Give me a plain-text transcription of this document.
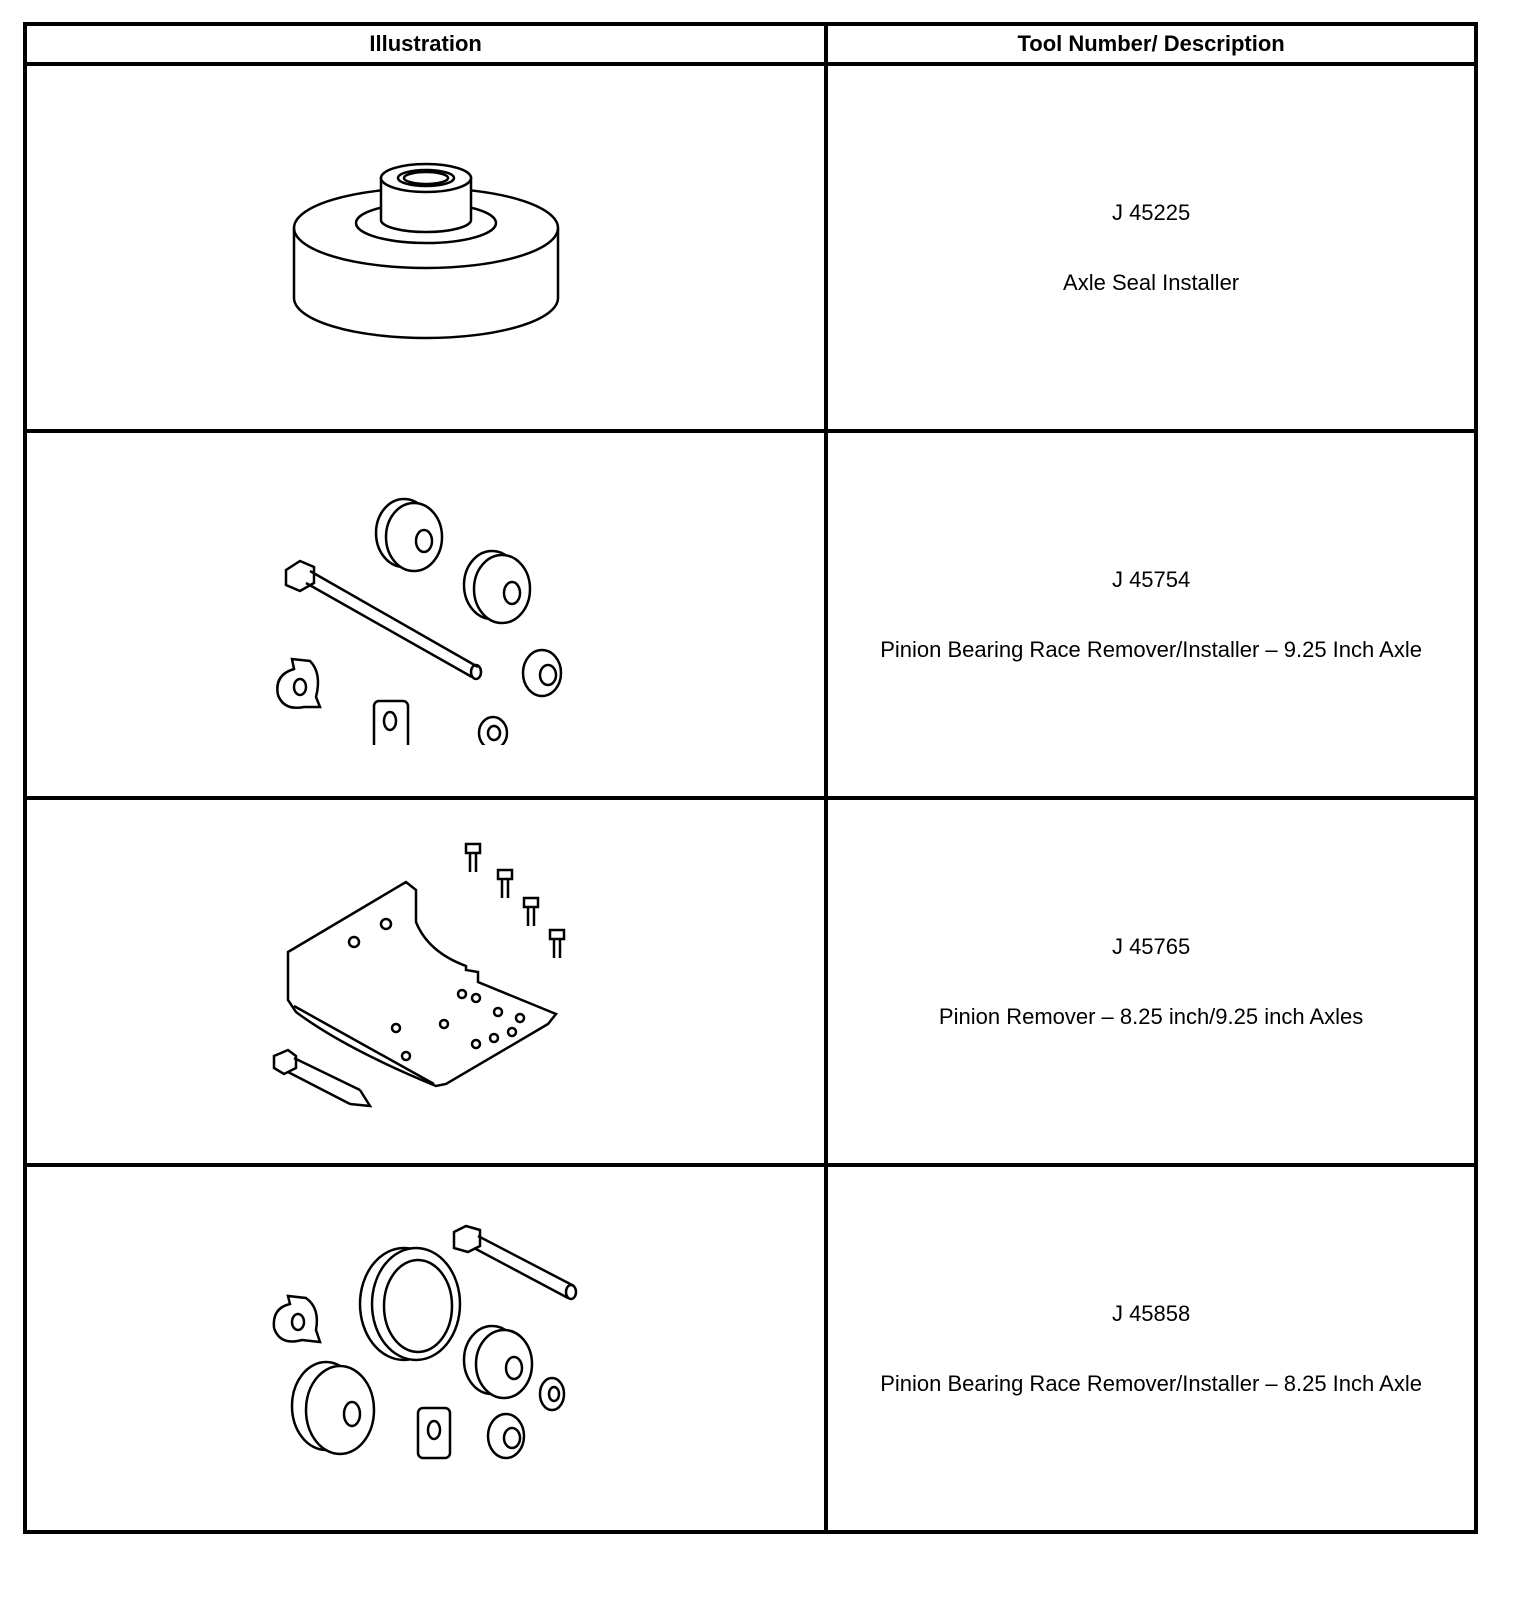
Illustration	Tool Number/ Description

J 45225
Axle Seal Installer

J 45754
Pinion Bearing Race Remover/Installer – 9.25 Inch Axle

J 45765
Pinion Remover – 8.25 inch/9.25 inch Axles

J 45858
Pinion Bearing Race Remover/Installer – 8.25 Inch Axle
